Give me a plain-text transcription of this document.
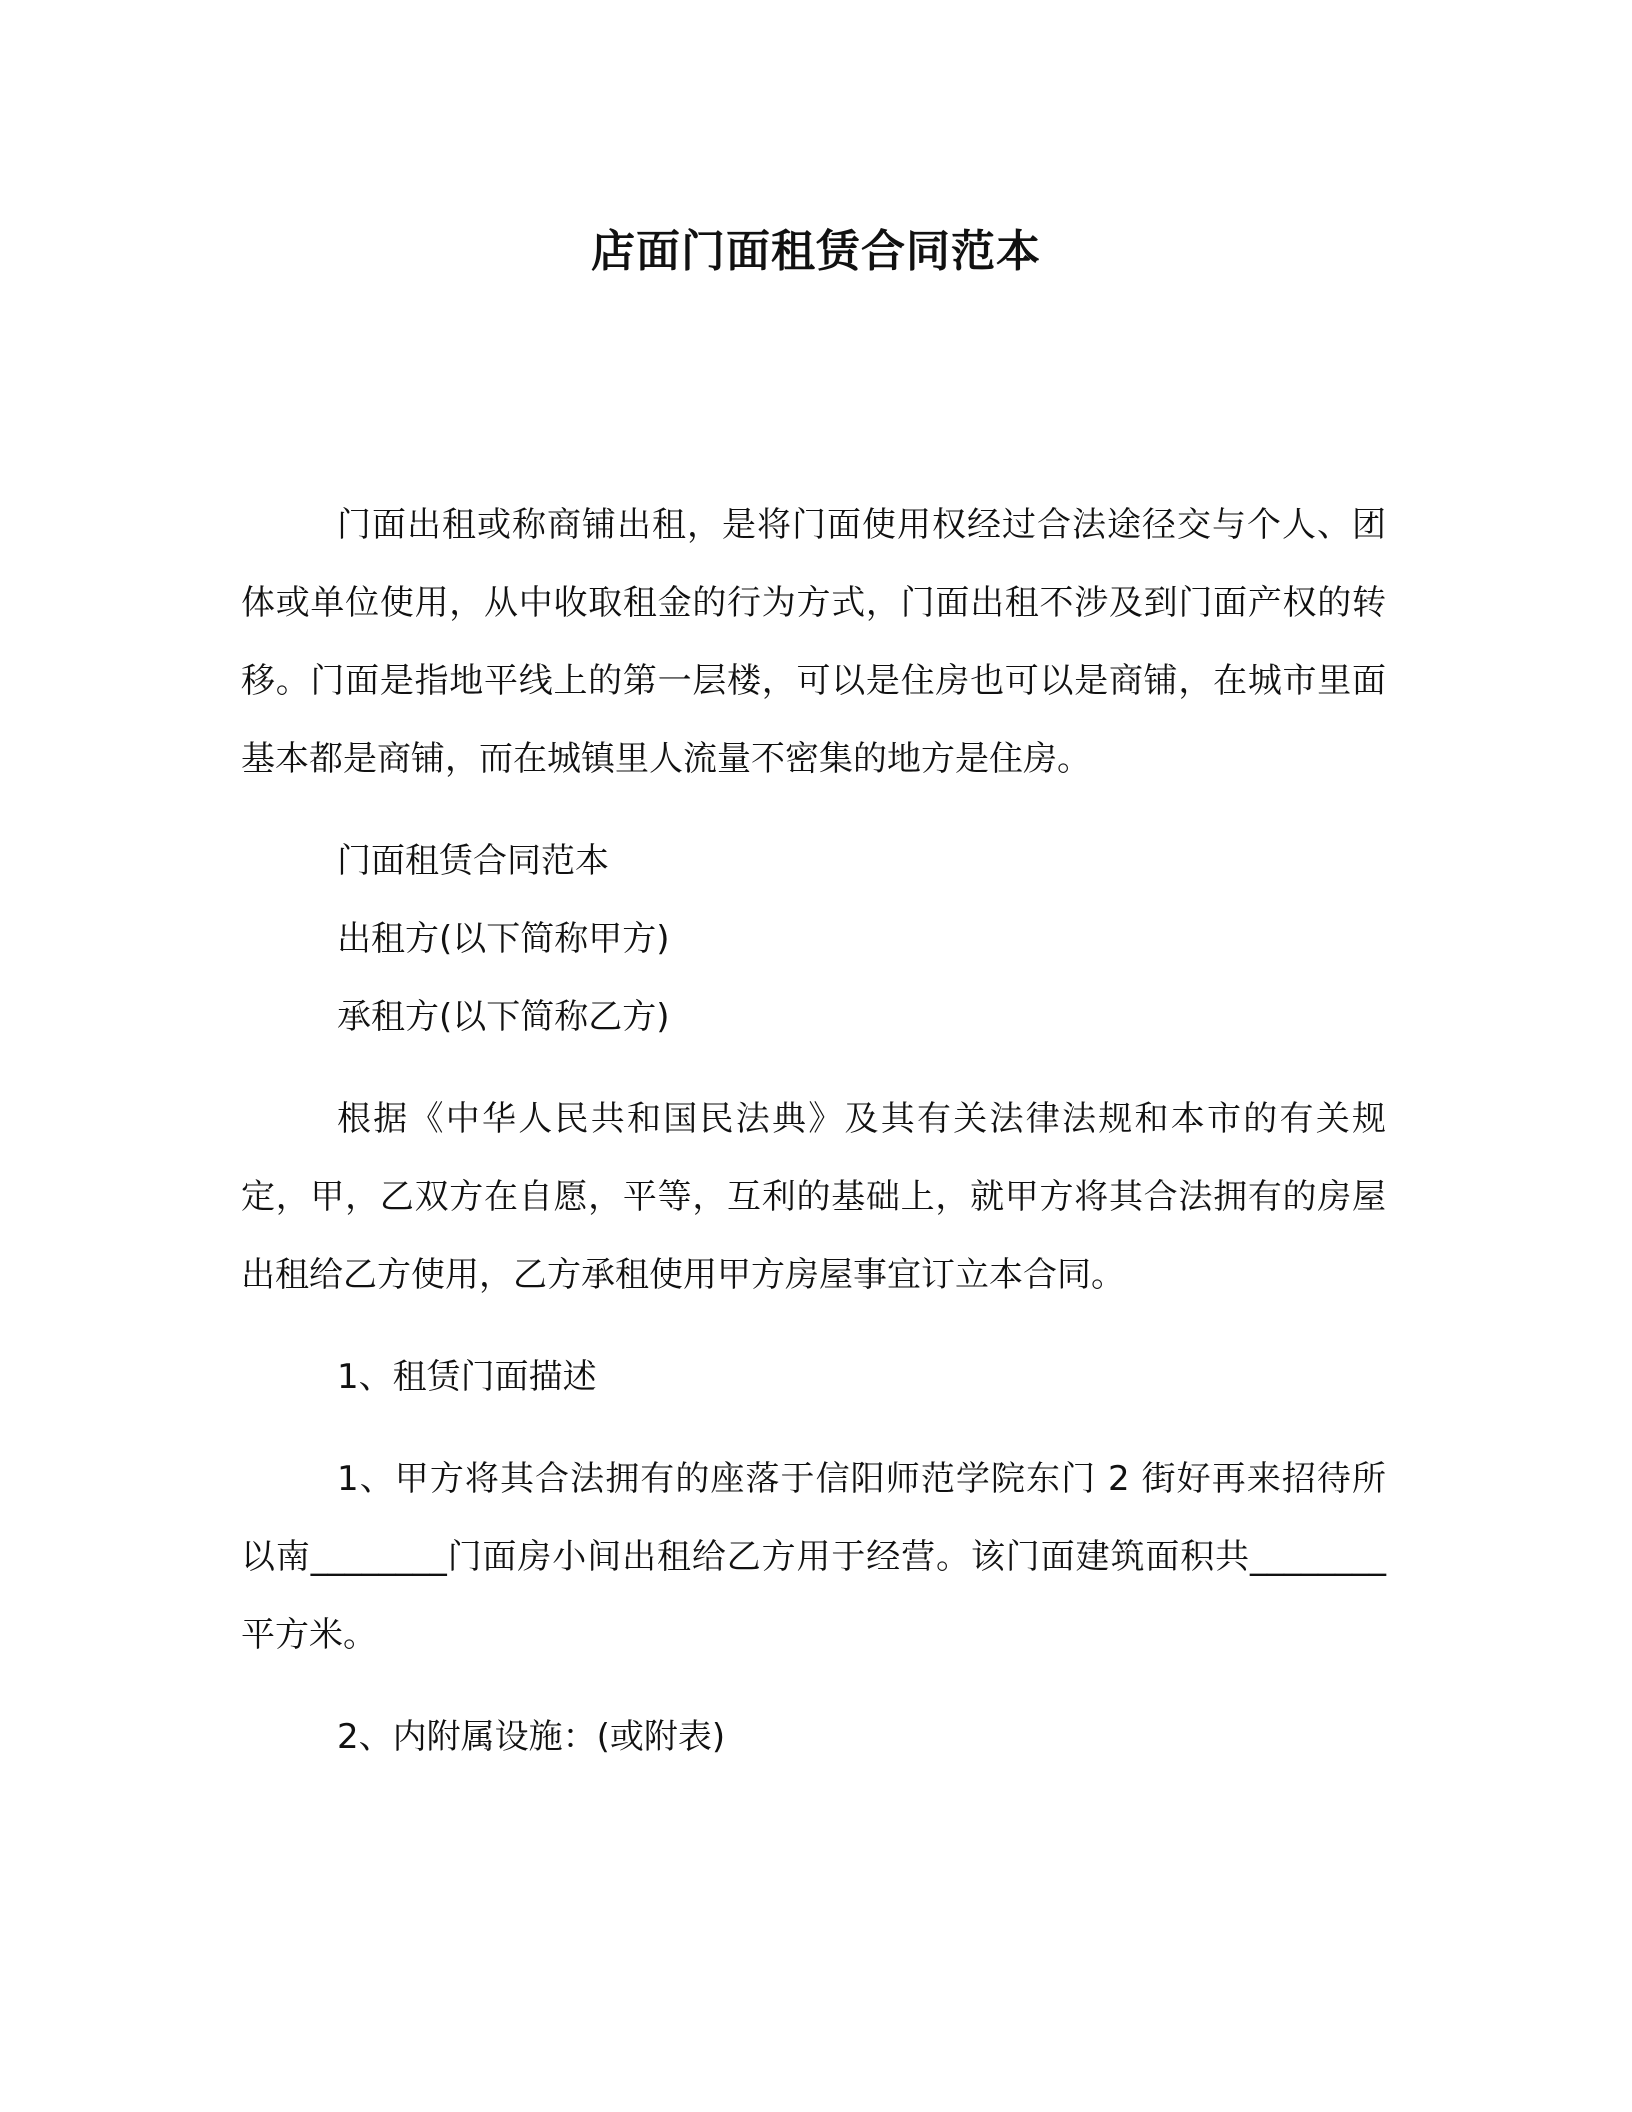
店面门面租赁合同范本

门面出租或称商铺出租，是将门面使用权经过合法途径交与个人、团体或单位使用，从中收取租金的行为方式，门面出租不涉及到门面产权的转移。门面是指地平线上的第一层楼，可以是住房也可以是商铺，在城市里面基本都是商铺，而在城镇里人流量不密集的地方是住房。

门面租赁合同范本

出租方(以下简称甲方)

承租方(以下简称乙方)

根据《中华人民共和国民法典》及其有关法律法规和本市的有关规定，甲，乙双方在自愿，平等，互利的基础上，就甲方将其合法拥有的房屋出租给乙方使用，乙方承租使用甲方房屋事宜订立本合同。

1、租赁门面描述

1、甲方将其合法拥有的座落于信阳师范学院东门 2 街好再来招待所以南________门面房小间出租给乙方用于经营。该门面建筑面积共________平方米。

2、内附属设施：(或附表)
